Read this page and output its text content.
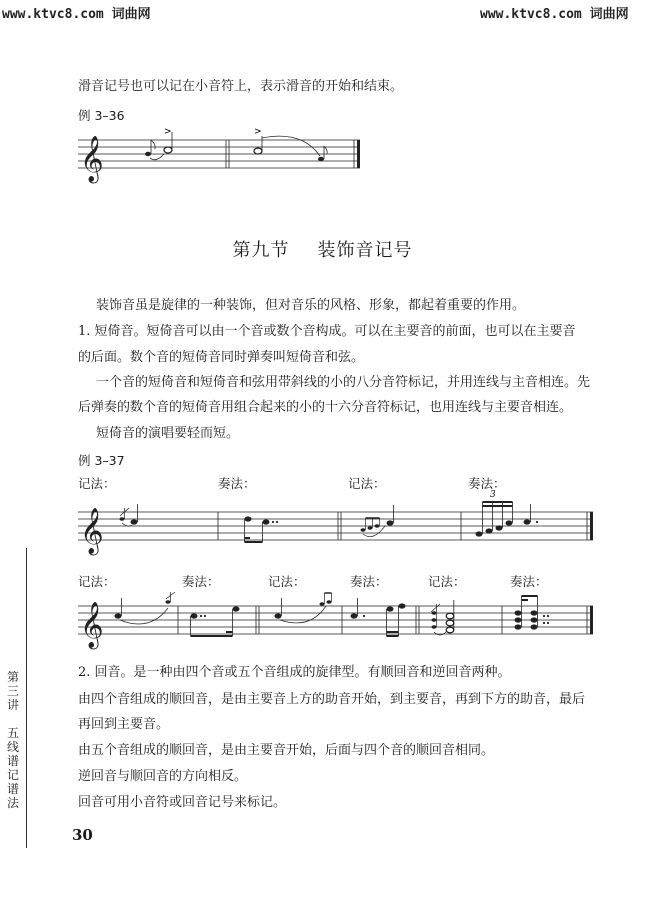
www.ktvc8.com 词曲网	www.ktvc8.com 词曲网
滑音记号也可以记在小音符上，表示滑音的开始和结束。
例 3–36
𝄞
>	>
第九节 装饰音记号
装饰音虽是旋律的一种装饰，但对音乐的风格、形象，都起着重要的作用。
1. 短倚音。短倚音可以由一个音或数个音构成。可以在主要音的前面，也可以在主要音
的后面。数个音的短倚音同时弹奏叫短倚音和弦。
一个音的短倚音和短倚音和弦用带斜线的小的八分音符标记，并用连线与主音相连。先
后弹奏的数个音的短倚音用组合起来的小的十六分音符标记，也用连线与主要音相连。
短倚音的演唱要轻而短。
例 3–37
记法：	奏法：	记法：	奏法：
𝄞
3
记法：	奏法：	记法：	奏法：	记法：	奏法：
𝄞
2. 回音。是一种由四个音或五个音组成的旋律型。有顺回音和逆回音两种。
由四个音组成的顺回音，是由主要音上方的助音开始，到主要音，再到下方的助音，最后
再回到主要音。
由五个音组成的顺回音，是由主要音开始，后面与四个音的顺回音相同。
逆回音与顺回音的方向相反。
回音可用小音符或回音记号来标记。
第
三
讲
五
线
谱
记
谱
法
30
